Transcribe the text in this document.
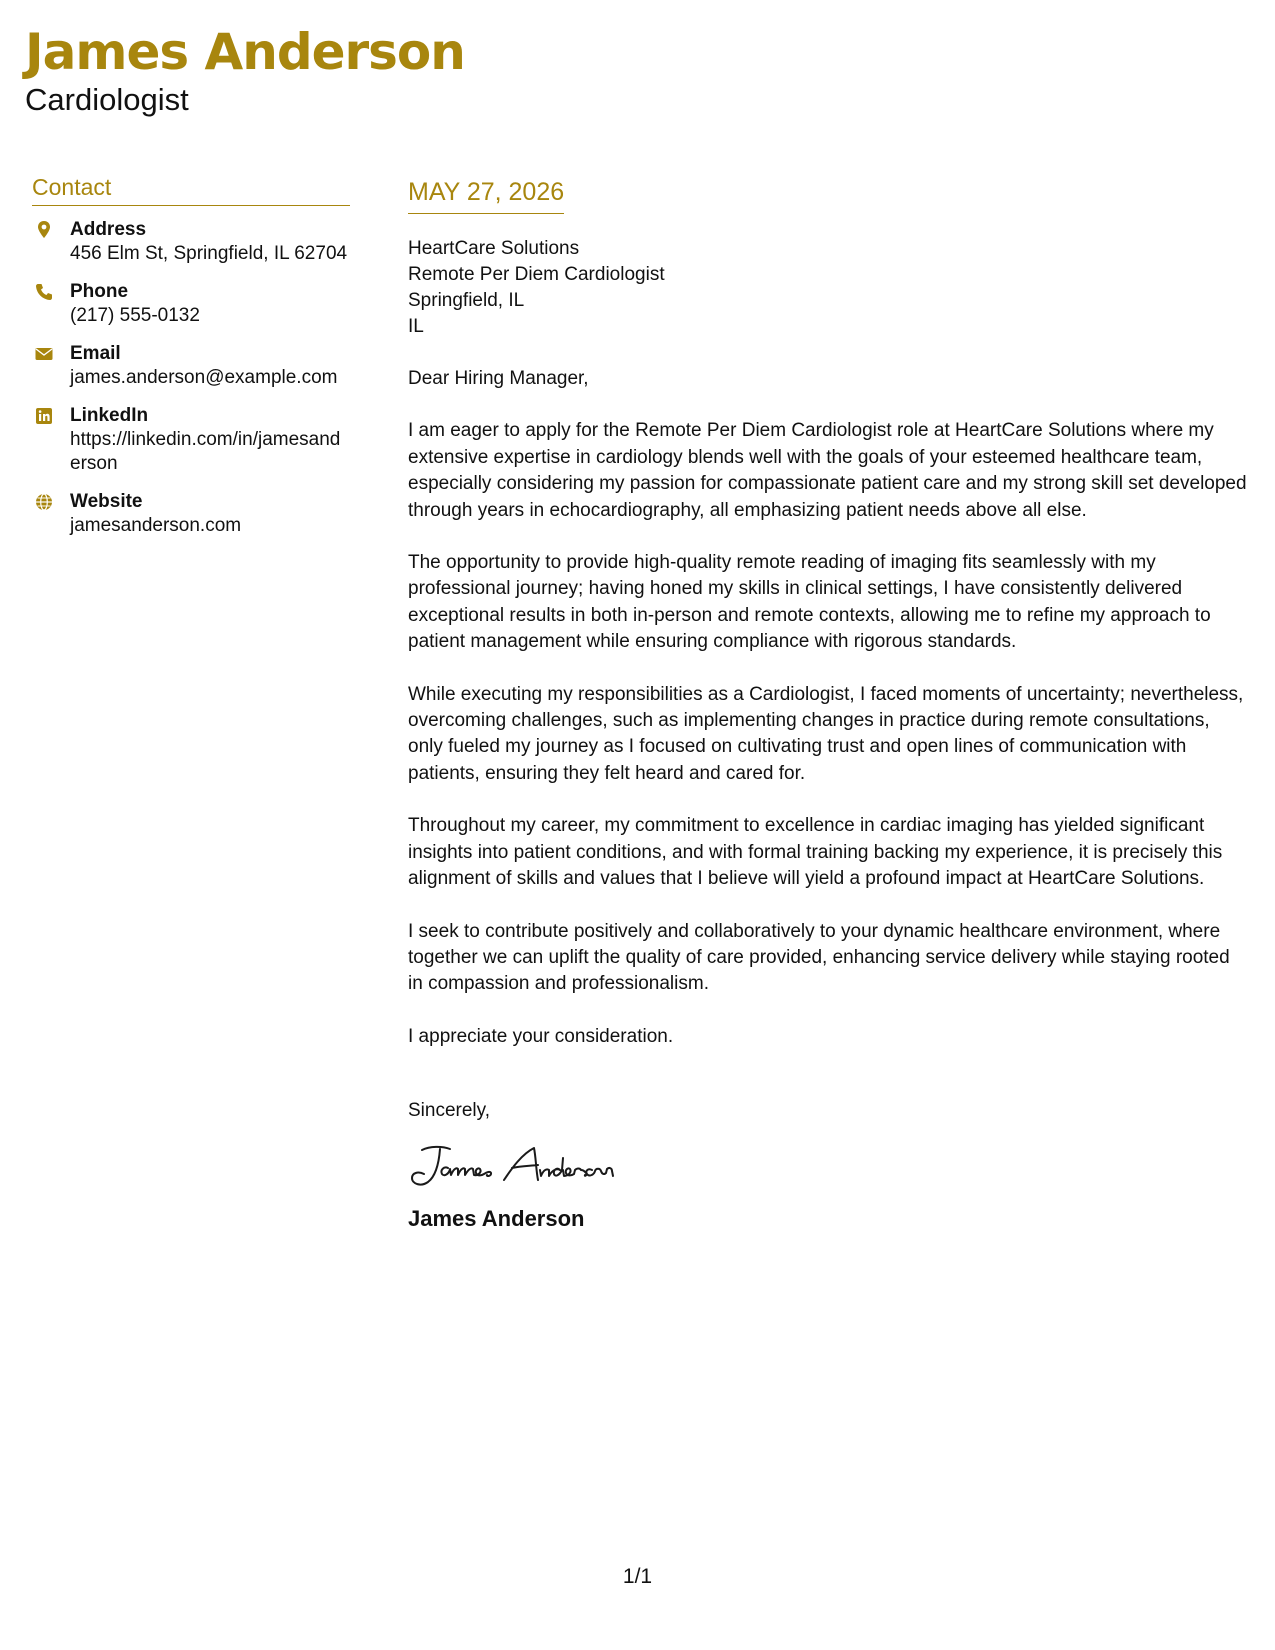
James Anderson
Cardiologist
Contact
Address
456 Elm St, Springfield, IL 62704
Phone
(217) 555-0132
Email
james.anderson@example.com
LinkedIn
https://linkedin.com/in/jamesanderson
Website
jamesanderson.com
MAY 27, 2026
HeartCare Solutions
Remote Per Diem Cardiologist
Springfield, IL
IL

Dear Hiring Manager,

I am eager to apply for the Remote Per Diem Cardiologist role at HeartCare Solutions where my extensive expertise in cardiology blends well with the goals of your esteemed healthcare team, especially considering my passion for compassionate patient care and my strong skill set developed through years in echocardiography, all emphasizing patient needs above all else.

The opportunity to provide high-quality remote reading of imaging fits seamlessly with my professional journey; having honed my skills in clinical settings, I have consistently delivered exceptional results in both in-person and remote contexts, allowing me to refine my approach to patient management while ensuring compliance with rigorous standards.

While executing my responsibilities as a Cardiologist, I faced moments of uncertainty; nevertheless, overcoming challenges, such as implementing changes in practice during remote consultations, only fueled my journey as I focused on cultivating trust and open lines of communication with patients, ensuring they felt heard and cared for.

Throughout my career, my commitment to excellence in cardiac imaging has yielded significant insights into patient conditions, and with formal training backing my experience, it is precisely this alignment of skills and values that I believe will yield a profound impact at HeartCare Solutions.

I seek to contribute positively and collaboratively to your dynamic healthcare environment, where together we can uplift the quality of care provided, enhancing service delivery while staying rooted in compassion and professionalism.

I appreciate your consideration.

Sincerely,
James Anderson
1/1
